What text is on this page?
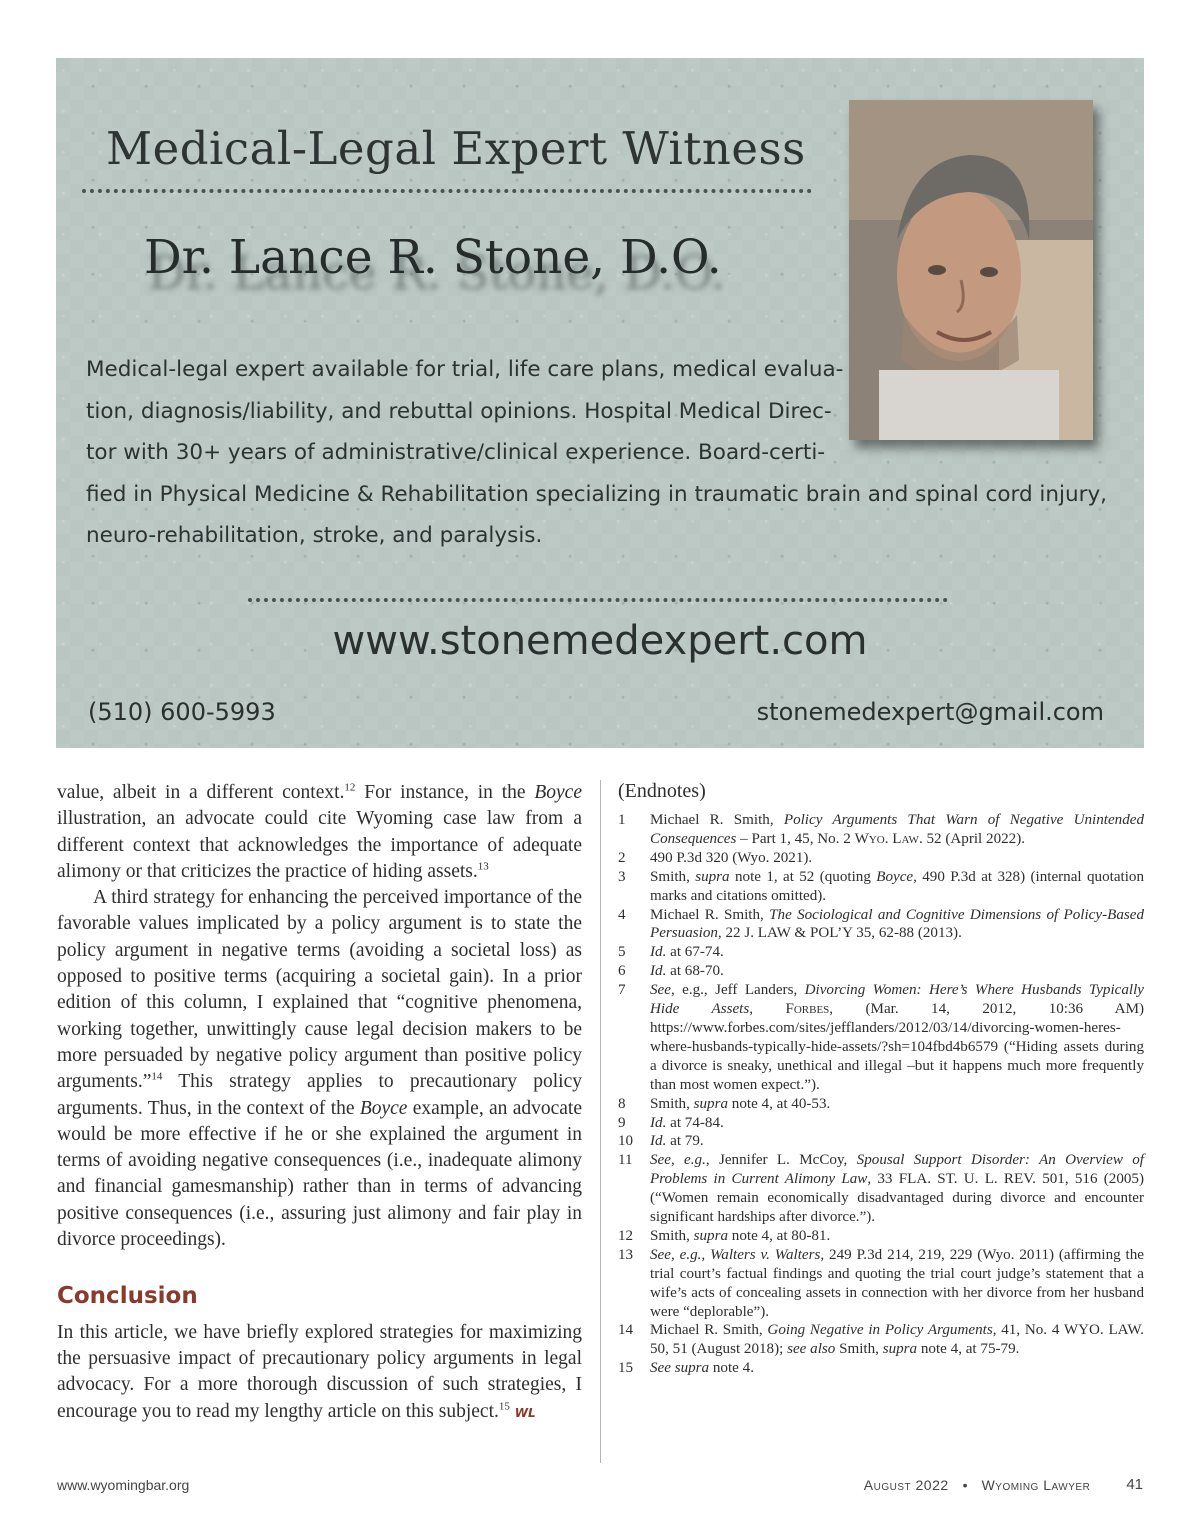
Medical-Legal Expert Witness
Dr. Lance R. Stone, D.O.

Medical-legal expert available for trial, life care plans, medical evalua-
tion, diagnosis/liability, and rebuttal opinions. Hospital Medical Direc-
tor with 30+ years of administrative/clinical experience. Board-certi-
fied in Physical Medicine & Rehabilitation specializing in traumatic brain and spinal cord injury,
neuro-rehabilitation, stroke, and paralysis.

www.stonemedexpert.com

(510) 600-5993	stonemedexpert@gmail.com

value, albeit in a different context.$^{12}$ For instance, in the Boyce illustration, an advocate could cite Wyoming case law from a different context that acknowledges the importance of adequate alimony or that criticizes the practice of hiding assets.$^{13}$

A third strategy for enhancing the perceived importance of the favorable values implicated by a policy argument is to state the policy argument in negative terms (avoiding a societal loss) as opposed to positive terms (acquiring a societal gain). In a prior edition of this column, I explained that “cognitive phenomena, working together, unwittingly cause legal decision makers to be more persuaded by negative policy argument than positive policy arguments.”$^{14}$ This strategy applies to precautionary policy arguments. Thus, in the context of the Boyce example, an advocate would be more effective if he or she explained the argument in terms of avoiding negative consequences (i.e., inadequate alimony and financial gamesmanship) rather than in terms of advancing positive consequences (i.e., assuring just alimony and fair play in divorce proceedings).

Conclusion

In this article, we have briefly explored strategies for maximizing the persuasive impact of precautionary policy arguments in legal advocacy. For a more thorough discussion of such strategies, I encourage you to read my lengthy article on this subject.$^{15}$ WL

(Endnotes)
1	Michael R. Smith, Policy Arguments That Warn of Negative Unintended Consequences – Part 1, 45, No. 2 Wyo. Law. 52 (April 2022).
2	490 P.3d 320 (Wyo. 2021).
3	Smith, supra note 1, at 52 (quoting Boyce, 490 P.3d at 328) (internal quotation marks and citations omitted).
4	Michael R. Smith, The Sociological and Cognitive Dimensions of Policy-Based Persuasion, 22 J. LAW & POL’Y 35, 62-88 (2013).
5	Id. at 67-74.
6	Id. at 68-70.
7	See, e.g., Jeff Landers, Divorcing Women: Here’s Where Husbands Typically Hide Assets, Forbes, (Mar. 14, 2012, 10:36 AM) https://www.forbes.com/sites/jefflanders/2012/03/14/divorcing-women-heres-where-husbands-typically-hide-assets/?sh=104fbd4b6579 (“Hiding assets during a divorce is sneaky, unethical and illegal –but it happens much more frequently than most women expect.”).
8	Smith, supra note 4, at 40-53.
9	Id. at 74-84.
10	Id. at 79.
11	See, e.g., Jennifer L. McCoy, Spousal Support Disorder: An Overview of Problems in Current Alimony Law, 33 FLA. ST. U. L. REV. 501, 516 (2005) (“Women remain economically disadvantaged during divorce and encounter significant hardships after divorce.”).
12	Smith, supra note 4, at 80-81.
13	See, e.g., Walters v. Walters, 249 P.3d 214, 219, 229 (Wyo. 2011) (affirming the trial court’s factual findings and quoting the trial court judge’s statement that a wife’s acts of concealing assets in connection with her divorce from her husband were “deplorable”).
14	Michael R. Smith, Going Negative in Policy Arguments, 41, No. 4 WYO. LAW. 50, 51 (August 2018); see also Smith, supra note 4, at 75-79.
15	See supra note 4.
www.wyomingbar.org	August 2022 • Wyoming Lawyer 41
